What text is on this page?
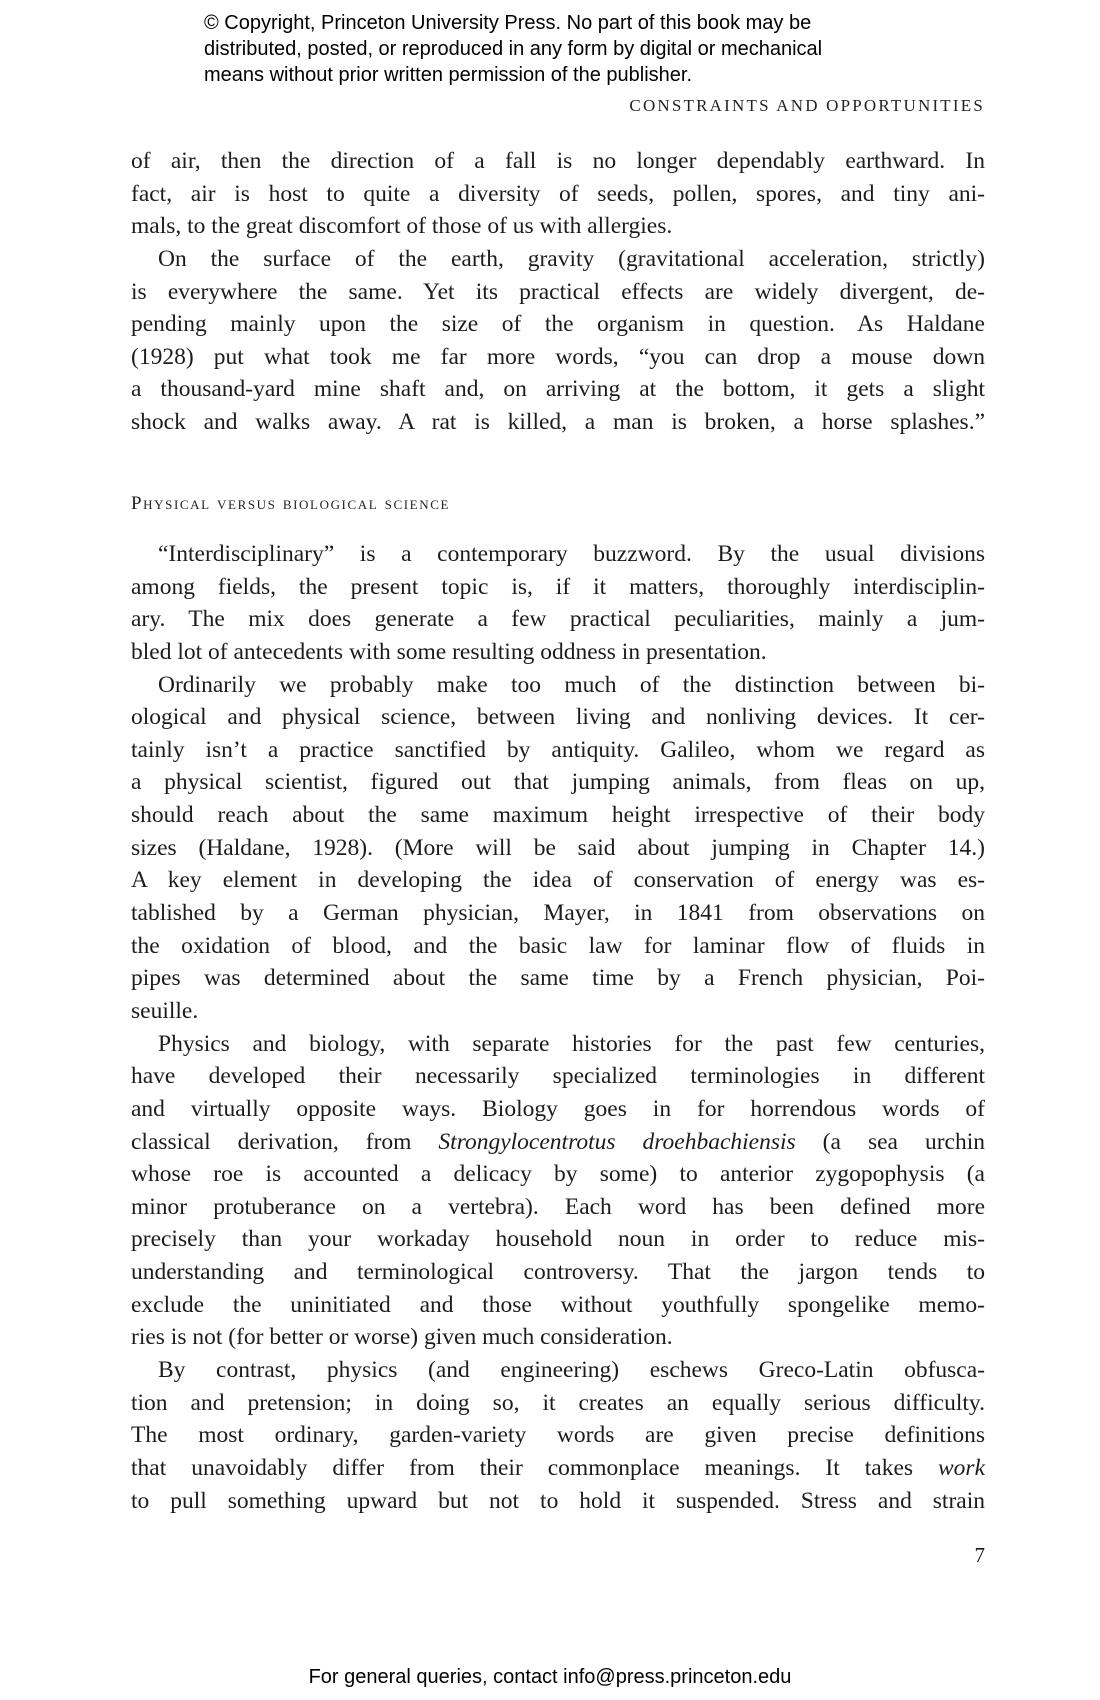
© Copyright, Princeton University Press. No part of this book may be
distributed, posted, or reproduced in any form by digital or mechanical
means without prior written permission of the publisher.
CONSTRAINTS AND OPPORTUNITIES
of air, then the direction of a fall is no longer dependably earthward. In
fact, air is host to quite a diversity of seeds, pollen, spores, and tiny ani-
mals, to the great discomfort of those of us with allergies.
On the surface of the earth, gravity (gravitational acceleration, strictly)
is everywhere the same. Yet its practical effects are widely divergent, de-
pending mainly upon the size of the organism in question. As Haldane
(1928) put what took me far more words, “you can drop a mouse down
a thousand-yard mine shaft and, on arriving at the bottom, it gets a slight
shock and walks away. A rat is killed, a man is broken, a horse splashes.”
Physical versus biological science
“Interdisciplinary” is a contemporary buzzword. By the usual divisions
among fields, the present topic is, if it matters, thoroughly interdisciplin-
ary. The mix does generate a few practical peculiarities, mainly a jum-
bled lot of antecedents with some resulting oddness in presentation.
Ordinarily we probably make too much of the distinction between bi-
ological and physical science, between living and nonliving devices. It cer-
tainly isn’t a practice sanctified by antiquity. Galileo, whom we regard as
a physical scientist, figured out that jumping animals, from fleas on up,
should reach about the same maximum height irrespective of their body
sizes (Haldane, 1928). (More will be said about jumping in Chapter 14.)
A key element in developing the idea of conservation of energy was es-
tablished by a German physician, Mayer, in 1841 from observations on
the oxidation of blood, and the basic law for laminar flow of fluids in
pipes was determined about the same time by a French physician, Poi-
seuille.
Physics and biology, with separate histories for the past few centuries,
have developed their necessarily specialized terminologies in different
and virtually opposite ways. Biology goes in for horrendous words of
classical derivation, from Strongylocentrotus droehbachiensis (a sea urchin
whose roe is accounted a delicacy by some) to anterior zygopophysis (a
minor protuberance on a vertebra). Each word has been defined more
precisely than your workaday household noun in order to reduce mis-
understanding and terminological controversy. That the jargon tends to
exclude the uninitiated and those without youthfully spongelike memo-
ries is not (for better or worse) given much consideration.
By contrast, physics (and engineering) eschews Greco-Latin obfusca-
tion and pretension; in doing so, it creates an equally serious difficulty.
The most ordinary, garden-variety words are given precise definitions
that unavoidably differ from their commonplace meanings. It takes work
to pull something upward but not to hold it suspended. Stress and strain
7
For general queries, contact info@press.princeton.edu
